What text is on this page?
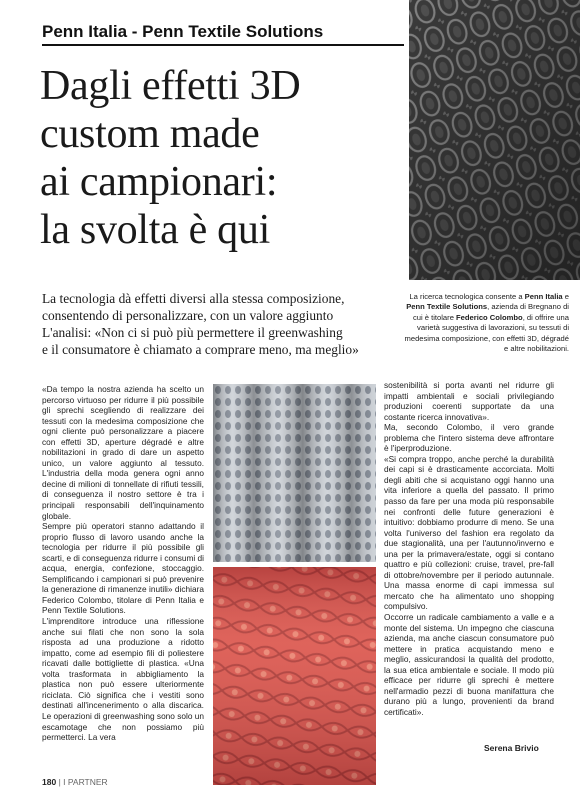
Penn Italia - Penn Textile Solutions
Dagli effetti 3D
custom made
ai campionari:
la svolta è qui
La tecnologia dà effetti diversi alla stessa composizione,
consentendo di personalizzare, con un valore aggiunto
L'analisi: «Non ci si può più permettere il greenwashing
e il consumatore è chiamato a comprare meno, ma meglio»
La ricerca tecnologica consente a Penn Italia e Penn Textile Solutions, azienda di Bregnano di cui è titolare Federico Colombo, di offrire una varietà suggestiva di lavorazioni, su tessuti di medesima composizione, con effetti 3D, dégradé e altre nobilitazioni.

«Da tempo la nostra azienda ha scelto un percorso virtuoso per ridurre il più possibile gli sprechi scegliendo di realizzare dei tessuti con la medesima composizione che ogni cliente può personalizzare a piacere con effetti 3D, aperture dégradé e altre nobilitazioni in grado di dare un aspetto unico, un valore aggiunto al tessuto. L'industria della moda genera ogni anno decine di milioni di tonnellate di rifiuti tessili, di conseguenza il nostro settore è tra i principali responsabili dell'inquinamento globale.

Sempre più operatori stanno adattando il proprio flusso di lavoro usando anche la tecnologia per ridurre il più possibile gli scarti, e di conseguenza ridurre i consumi di acqua, energia, confezione, stoccaggio. Semplificando i campionari si può prevenire la generazione di rimanenze inutili» dichiara Federico Colombo, titolare di Penn Italia e Penn Textile Solutions.

L'imprenditore introduce una riflessione anche sui filati che non sono la sola risposta ad una produzione a ridotto impatto, come ad esempio fili di poliestere ricavati dalle bottigliette di plastica. «Una volta trasformata in abbigliamento la plastica non può essere ulteriormente riciclata. Ciò significa che i vestiti sono destinati all'incenerimento o alla discarica. Le operazioni di greenwashing sono solo un escamotage che non possiamo più permetterci. La vera

sostenibilità si porta avanti nel ridurre gli impatti ambientali e sociali privilegiando produzioni coerenti supportate da una costante ricerca innovativa».

Ma, secondo Colombo, il vero grande problema che l'intero sistema deve affrontare è l'iperproduzione.

«Si compra troppo, anche perché la durabilità dei capi si è drasticamente accorciata. Molti degli abiti che si acquistano oggi hanno una vita inferiore a quella del passato. Il primo passo da fare per una moda più responsabile nei confronti delle future generazioni è intuitivo: dobbiamo produrre di meno. Se una volta l'universo del fashion era regolato da due stagionalità, una per l'autunno/inverno e una per la primavera/estate, oggi si contano quattro e più collezioni: cruise, travel, pre-fall di ottobre/novembre per il periodo autunnale. Una massa enorme di capi immessa sul mercato che ha alimentato uno shopping compulsivo.

Occorre un radicale cambiamento a valle e a monte del sistema. Un impegno che ciascuna azienda, ma anche ciascun consumatore può mettere in pratica acquistando meno e meglio, assicurandosi la qualità del prodotto, la sua etica ambientale e sociale. Il modo più efficace per ridurre gli sprechi è mettere nell'armadio pezzi di buona manifattura che durano più a lungo, provenienti da brand certificati».

Serena Brivio
180 | I PARTNER
